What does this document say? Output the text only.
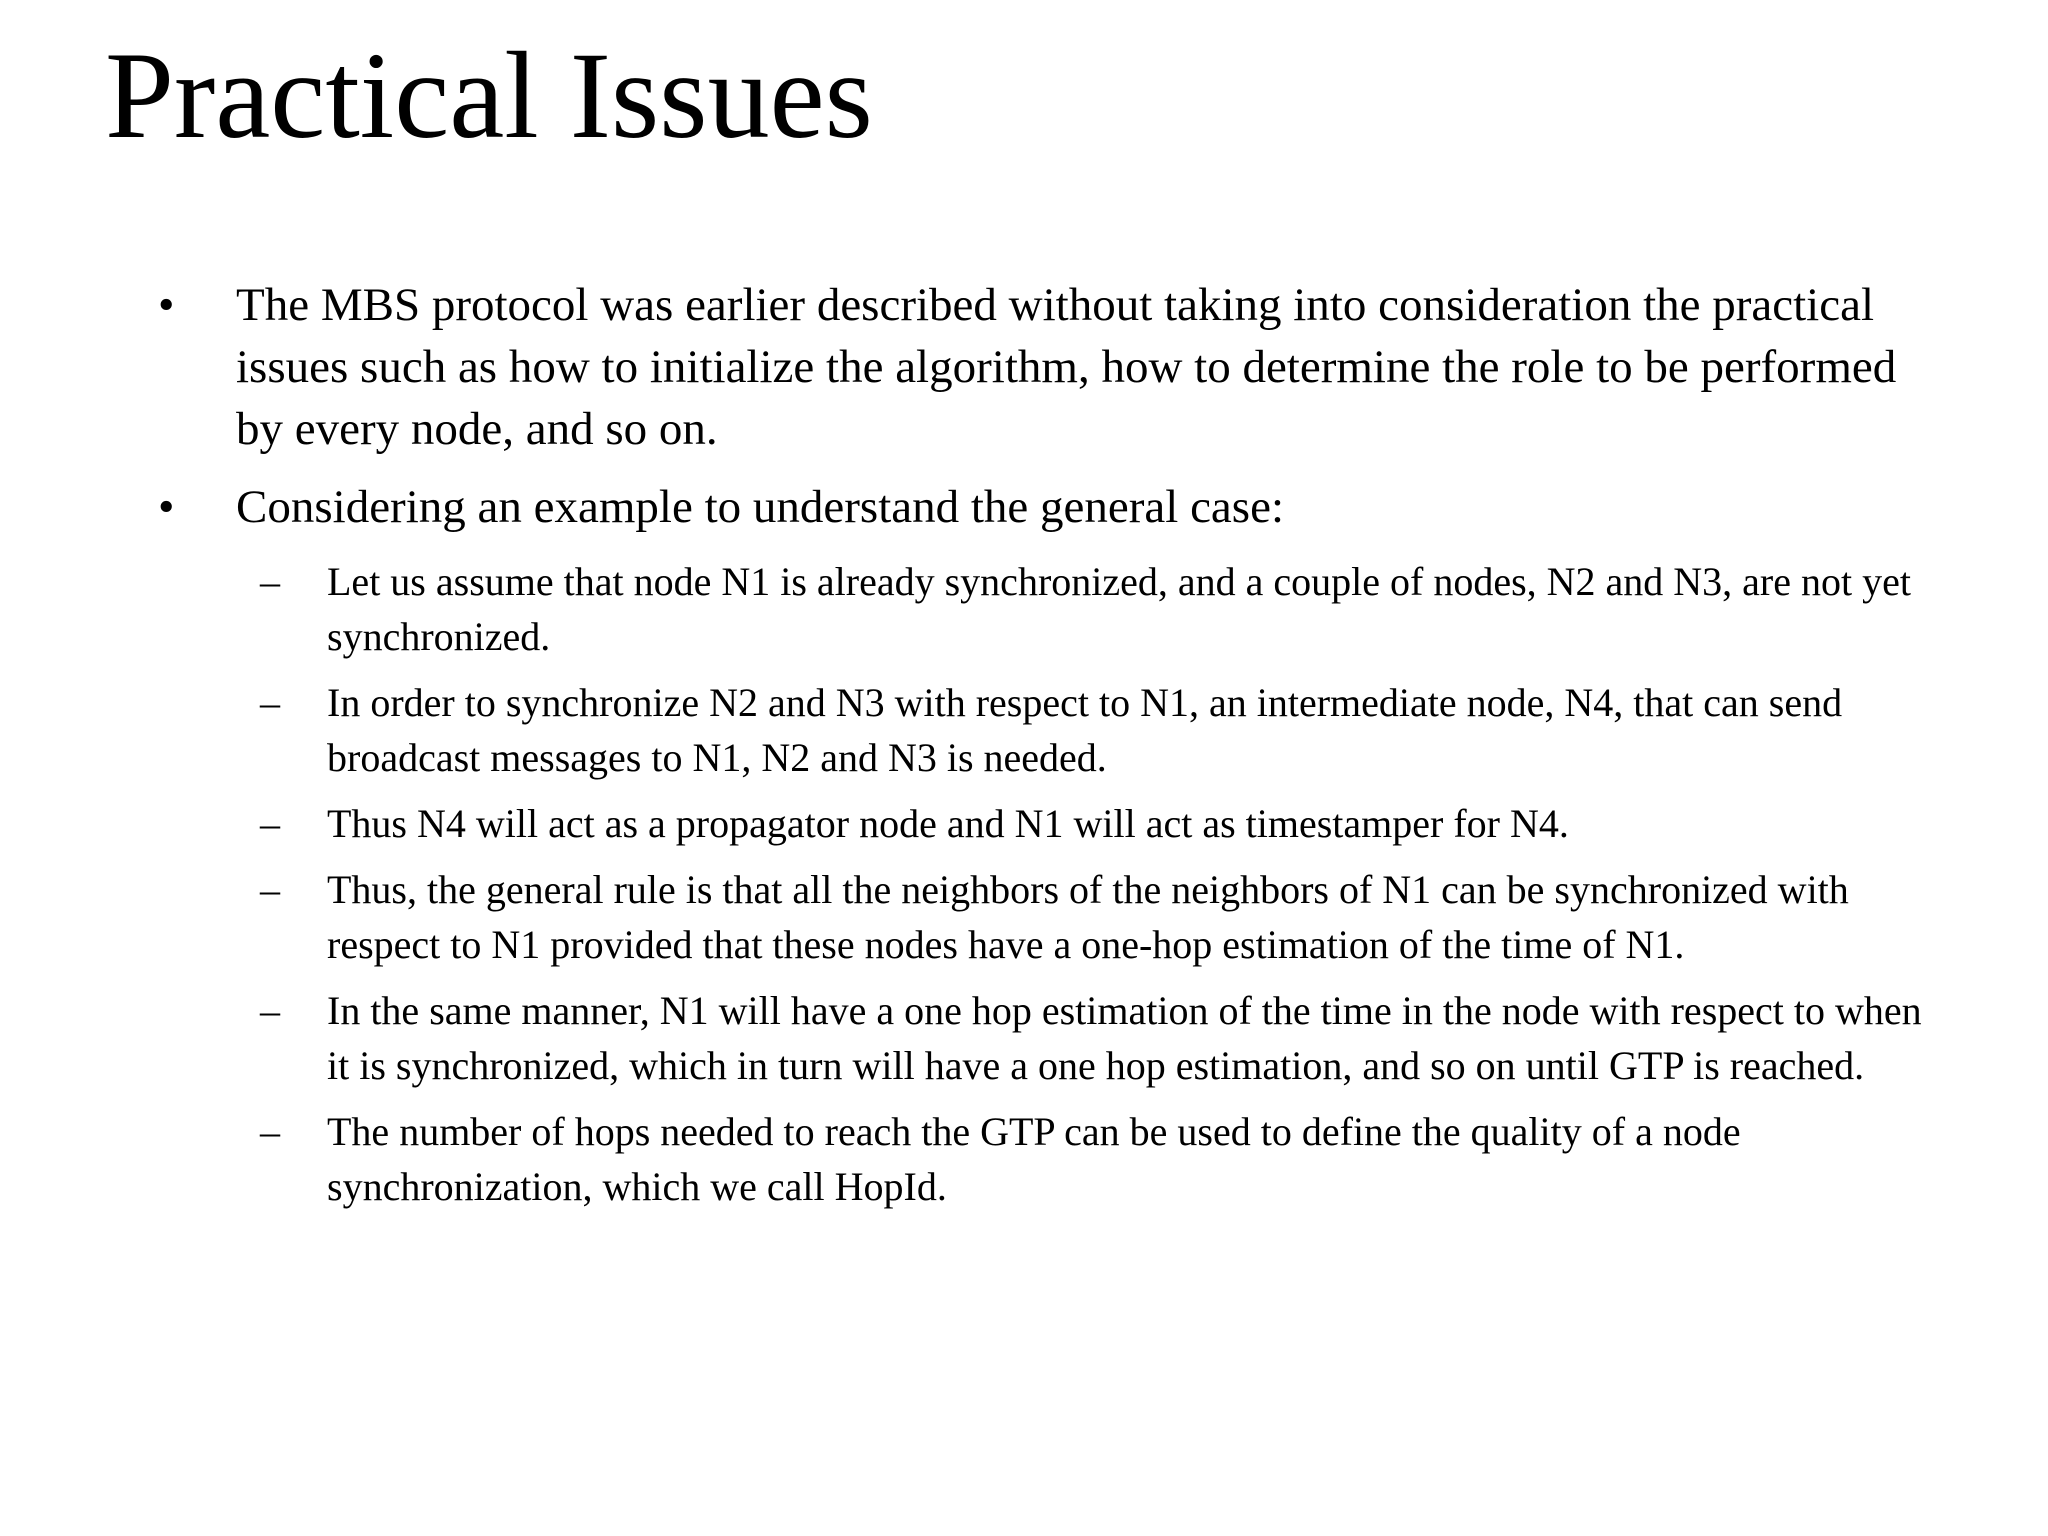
Practical Issues
• The MBS protocol was earlier described without taking into consideration the practical issues such as how to initialize the algorithm, how to determine the role to be performed by every node, and so on.
• Considering an example to understand the general case:
– Let us assume that node N1 is already synchronized, and a couple of nodes, N2 and N3, are not yet synchronized.
– In order to synchronize N2 and N3 with respect to N1, an intermediate node, N4, that can send broadcast messages to N1, N2 and N3 is needed.
– Thus N4 will act as a propagator node and N1 will act as timestamper for N4.
– Thus, the general rule is that all the neighbors of the neighbors of N1 can be synchronized with respect to N1 provided that these nodes have a one-hop estimation of the time of N1.
– In the same manner, N1 will have a one hop estimation of the time in the node with respect to when it is synchronized, which in turn will have a one hop estimation, and so on until GTP is reached.
– The number of hops needed to reach the GTP can be used to define the quality of a node synchronization, which we call HopId.
